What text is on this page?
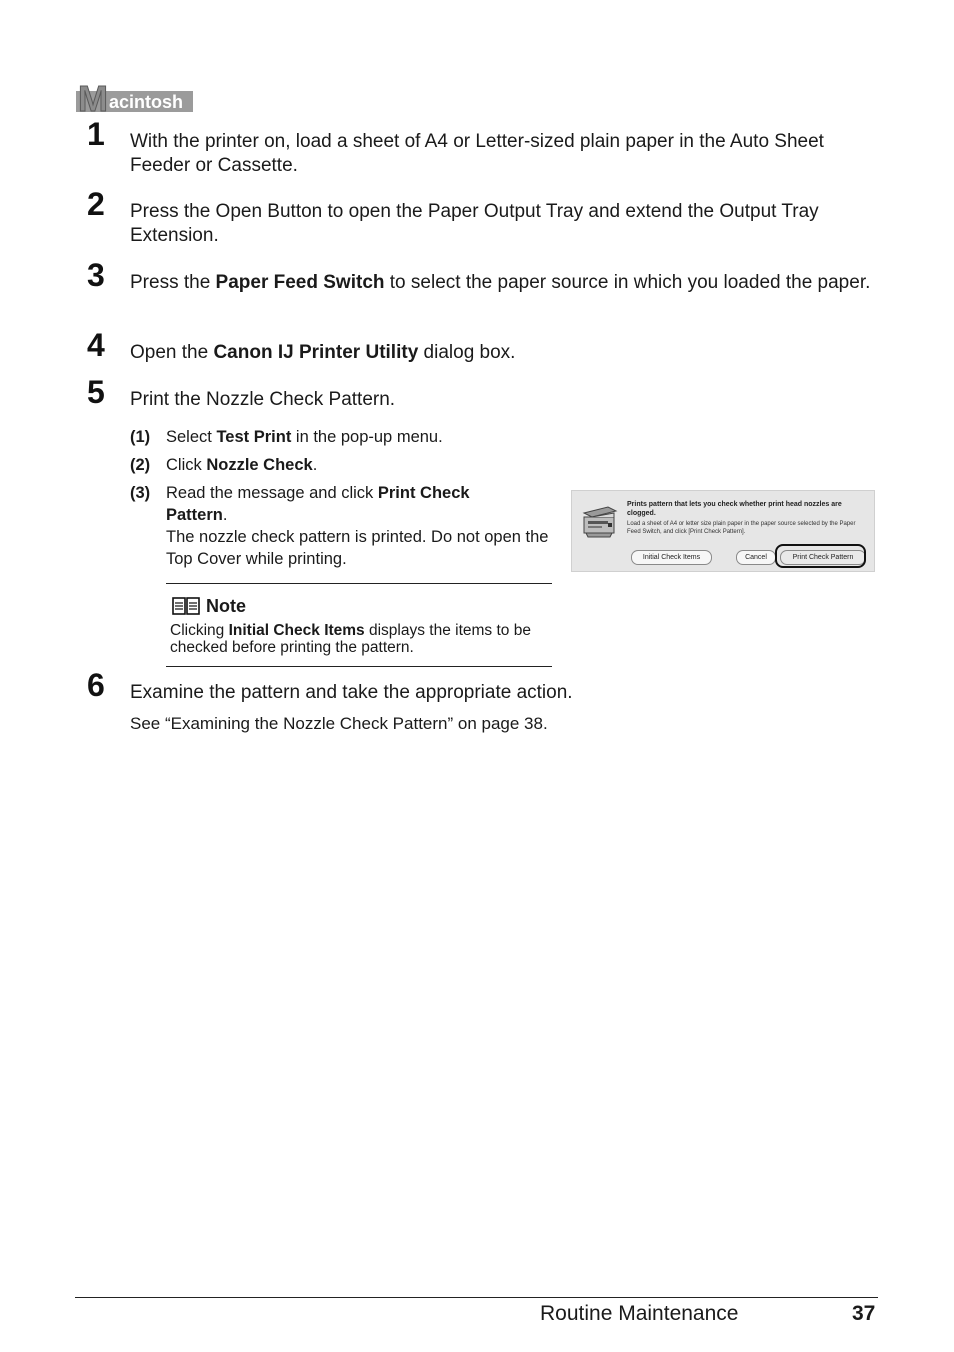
M acintosh
1 With the printer on, load a sheet of A4 or Letter-sized plain paper in the Auto Sheet Feeder or Cassette.
2 Press the Open Button to open the Paper Output Tray and extend the Output Tray Extension.
3 Press the Paper Feed Switch to select the paper source in which you loaded the paper.
4 Open the Canon IJ Printer Utility dialog box.
5 Print the Nozzle Check Pattern.
(1) Select Test Print in the pop-up menu.
(2) Click Nozzle Check.
(3) Read the message and click Print Check Pattern.
The nozzle check pattern is printed. Do not open the Top Cover while printing.
Prints pattern that lets you check whether print head nozzles are clogged.
Load a sheet of A4 or letter size plain paper in the paper source selected by the Paper Feed Switch, and click [Print Check Pattern].
Initial Check Items	Cancel	Print Check Pattern
Note
Clicking Initial Check Items displays the items to be checked before printing the pattern.
6 Examine the pattern and take the appropriate action.
See “Examining the Nozzle Check Pattern” on page 38.
Routine Maintenance	37
